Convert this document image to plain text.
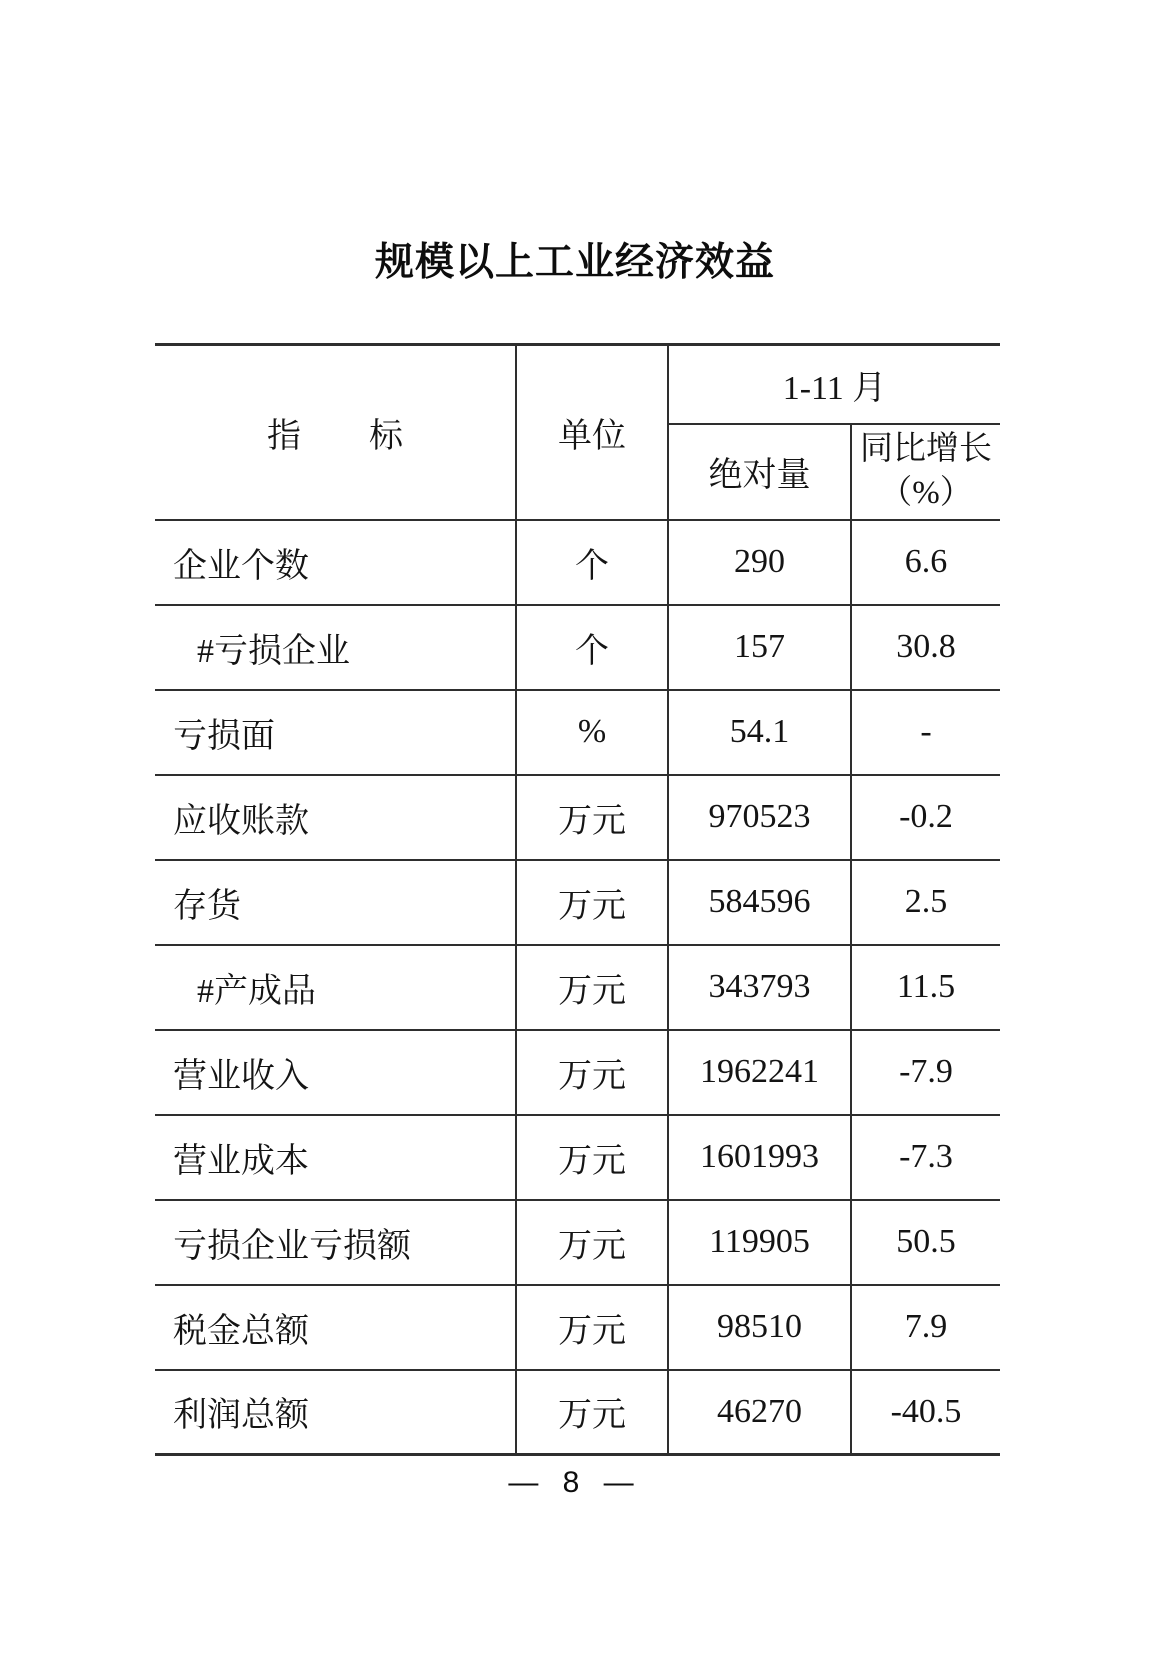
规模以上工业经济效益
指　　标	单位	1-11 月	
		绝对量	同比增长
（%）

企业个数	个	290	6.6
#亏损企业	个	157	30.8
亏损面	%	54.1	-
应收账款	万元	970523	-0.2
存货	万元	584596	2.5
#产成品	万元	343793	11.5
营业收入	万元	1962241	-7.9
营业成本	万元	1601993	-7.3
亏损企业亏损额	万元	119905	50.5
税金总额	万元	98510	7.9
利润总额	万元	46270	-40.5
— 8 —
